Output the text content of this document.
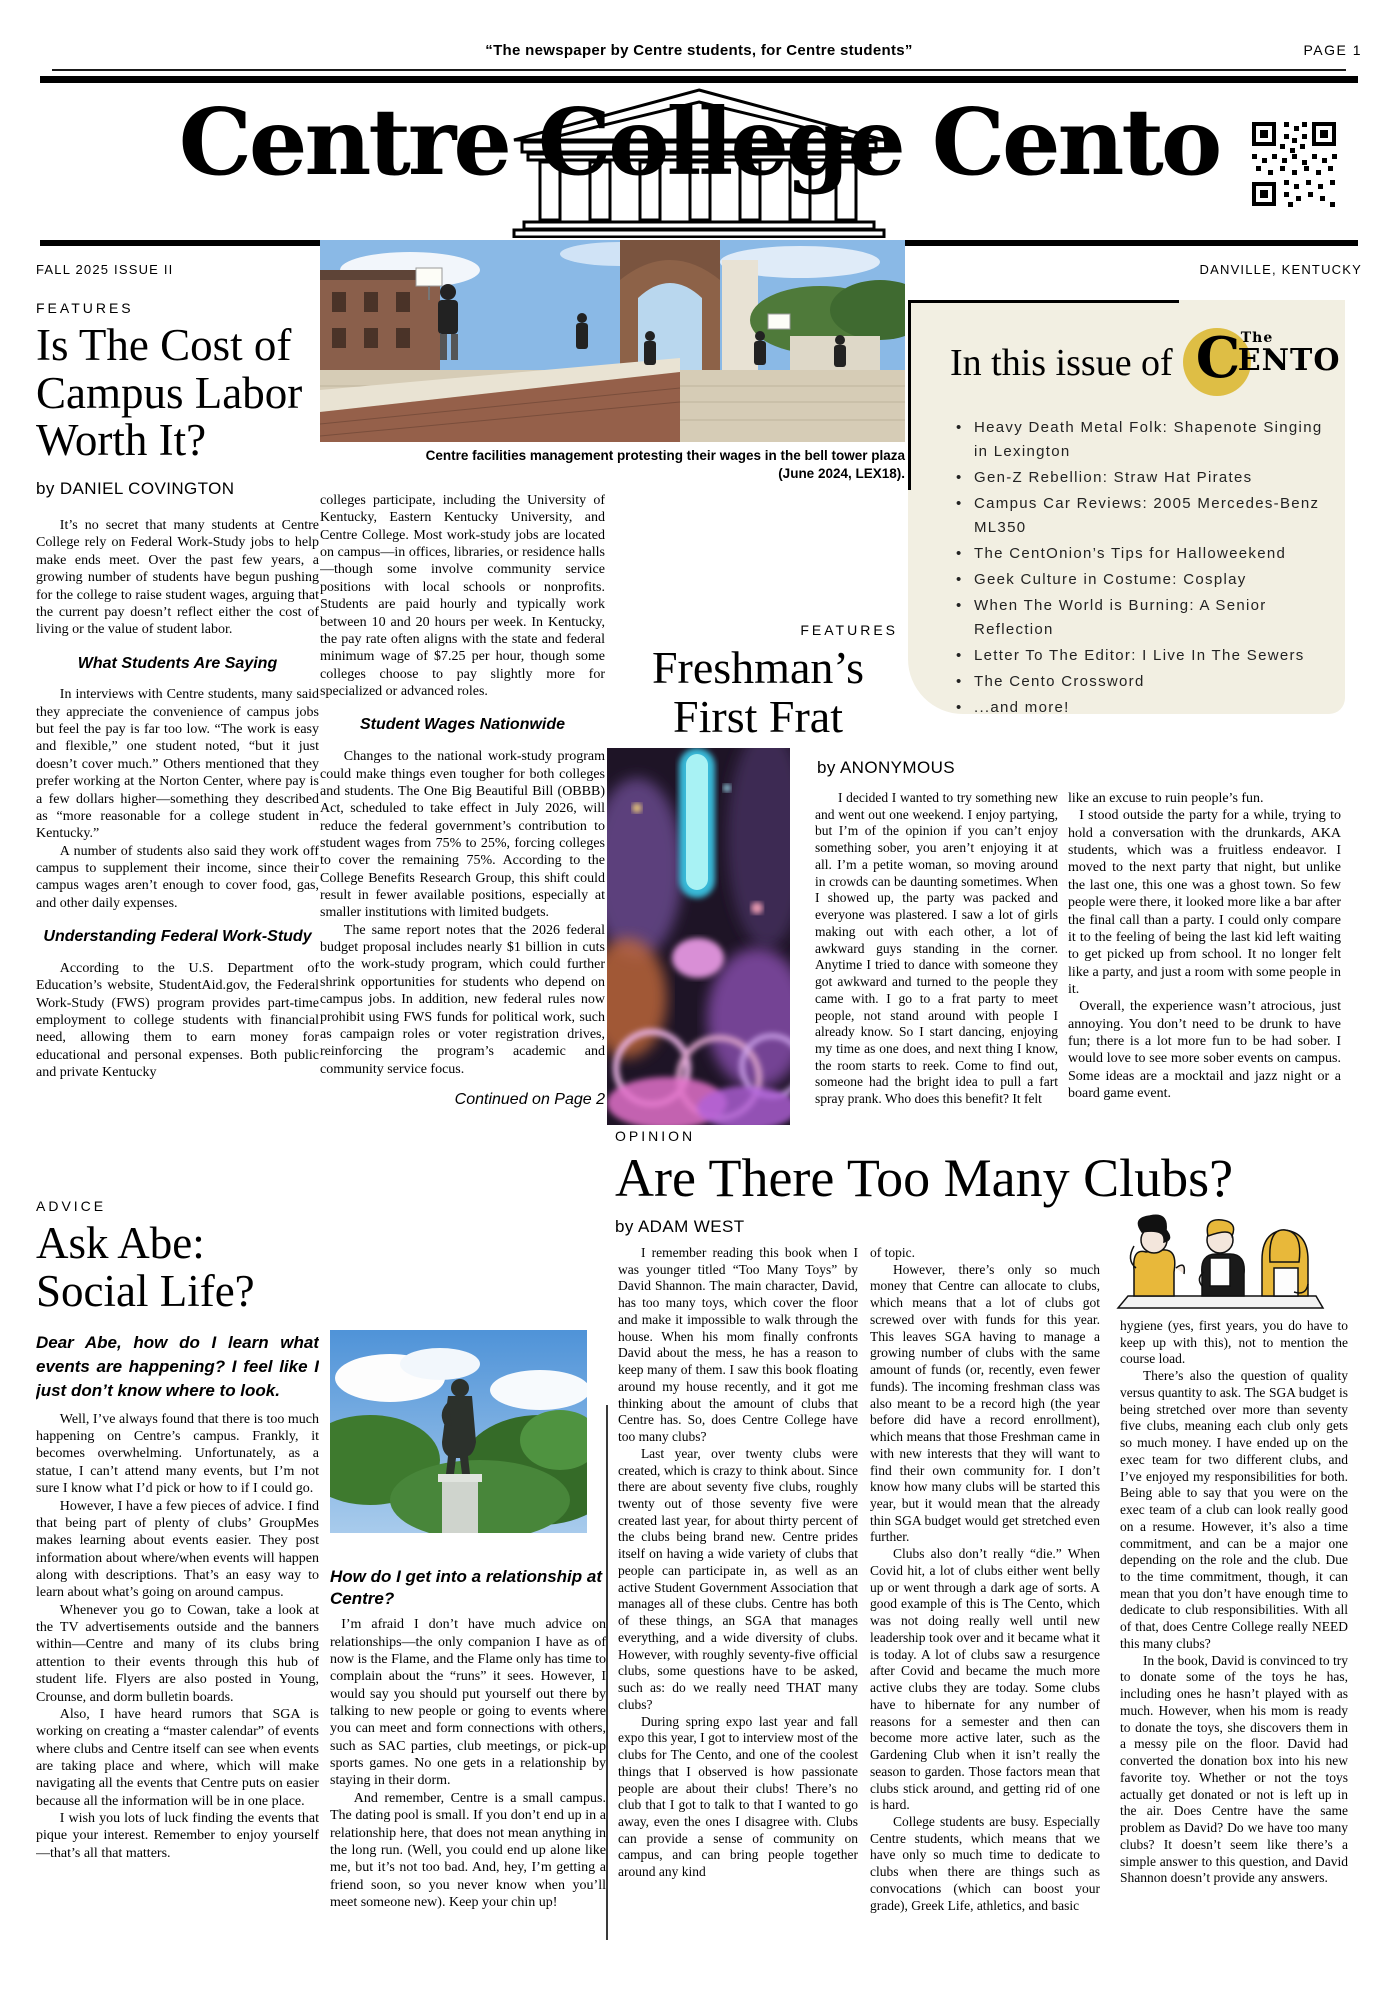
“The newspaper by Centre students, for Centre students”	PAGE 1
Centre College Cento
FALL 2025 ISSUE II	DANVILLE, KENTUCKY
FEATURES
Is The Cost of Campus Labor Worth It?
by DANIEL COVINGTON

It’s no secret that many students at Centre College rely on Federal Work-Study jobs to help make ends meet. Over the past few years, a growing number of students have begun pushing for the college to raise student wages, arguing that the current pay doesn’t reflect either the cost of living or the value of student labor.

What Students Are Saying

In interviews with Centre students, many said they appreciate the convenience of campus jobs but feel the pay is far too low. “The work is easy and flexible,” one student noted, “but it just doesn’t cover much.” Others mentioned that they prefer working at the Norton Center, where pay is a few dollars higher—something they described as “more reasonable for a college student in Kentucky.”

A number of students also said they work off campus to supplement their income, since their campus wages aren’t enough to cover food, gas, and other daily expenses.

Understanding Federal Work-Study

According to the U.S. Department of Education’s website, StudentAid.gov, the Federal Work-Study (FWS) program provides part-time employment to college students with financial need, allowing them to earn money for educational and personal expenses. Both public and private Kentucky

Centre facilities management protesting their wages in the bell tower plaza
(June 2024, LEX18).

colleges participate, including the University of Kentucky, Eastern Kentucky University, and Centre College. Most work-study jobs are located on campus—in offices, libraries, or residence halls—though some involve community service positions with local schools or nonprofits. Students are paid hourly and typically work between 10 and 20 hours per week. In Kentucky, the pay rate often aligns with the state and federal minimum wage of $7.25 per hour, though some colleges choose to pay slightly more for specialized or advanced roles.

Student Wages Nationwide

Changes to the national work-study program could make things even tougher for both colleges and students. The One Big Beautiful Bill (OBBB) Act, scheduled to take effect in July 2026, will reduce the federal government’s contribution to student wages from 75% to 25%, forcing colleges to cover the remaining 75%. According to the College Benefits Research Group, this shift could result in fewer available positions, especially at smaller institutions with limited budgets.

The same report notes that the 2026 federal budget proposal includes nearly $1 billion in cuts to the work-study program, which could further shrink opportunities for students who depend on campus jobs. In addition, new federal rules now prohibit using FWS funds for political work, such as campaign roles or voter registration drives, reinforcing the program’s academic and community service focus.

Continued on Page 2
In this issue of C The
ENTO
• Heavy Death Metal Folk: Shapenote Singing in Lexington
• Gen-Z Rebellion: Straw Hat Pirates
• Campus Car Reviews: 2005 Mercedes-Benz ML350
• The CentOnion’s Tips for Halloweekend
• Geek Culture in Costume: Cosplay
• When The World is Burning: A Senior Reflection
• Letter To The Editor: I Live In The Sewers
• The Cento Crossword
• ...and more!
FEATURES
Freshman’s
First Frat
by ANONYMOUS

I decided I wanted to try something new and went out one weekend. I enjoy partying, but I’m of the opinion if you can’t enjoy something sober, you aren’t enjoying it at all. I’m a petite woman, so moving around in crowds can be daunting sometimes. When I showed up, the party was packed and everyone was plastered. I saw a lot of girls making out with each other, a lot of awkward guys standing in the corner. Anytime I tried to dance with someone they got awkward and turned to the people they came with. I go to a frat party to meet people, not stand around with people I already know. So I start dancing, enjoying my time as one does, and next thing I know, the room starts to reek. Come to find out, someone had the bright idea to pull a fart spray prank. Who does this benefit? It felt

like an excuse to ruin people’s fun.

I stood outside the party for a while, trying to hold a conversation with the drunkards, AKA students, which was a fruitless endeavor. I moved to the next party that night, but unlike the last one, this one was a ghost town. So few people were there, it looked more like a bar after the final call than a party. I could only compare it to the feeling of being the last kid left waiting to get picked up from school. It no longer felt like a party, and just a room with some people in it.

Overall, the experience wasn’t atrocious, just annoying. You don’t need to be drunk to have fun; there is a lot more fun to be had sober. I would love to see more sober events on campus. Some ideas are a mocktail and jazz night or a board game event.

OPINION
Are There Too Many Clubs?
by ADAM WEST

I remember reading this book when I was younger titled “Too Many Toys” by David Shannon. The main character, David, has too many toys, which cover the floor and make it impossible to walk through the house. When his mom finally confronts David about the mess, he has a reason to keep many of them. I saw this book floating around my house recently, and it got me thinking about the amount of clubs that Centre has. So, does Centre College have too many clubs?

Last year, over twenty clubs were created, which is crazy to think about. Since there are about seventy five clubs, roughly twenty out of those seventy five were created last year, for about thirty percent of the clubs being brand new. Centre prides itself on having a wide variety of clubs that people can participate in, as well as an active Student Government Association that manages all of these clubs. Centre has both of these things, an SGA that manages everything, and a wide diversity of clubs. However, with roughly seventy-five official clubs, some questions have to be asked, such as: do we really need THAT many clubs?

During spring expo last year and fall expo this year, I got to interview most of the clubs for The Cento, and one of the coolest things that I observed is how passionate people are about their clubs! There’s no club that I got to talk to that I wanted to go away, even the ones I disagree with. Clubs can provide a sense of community on campus, and can bring people together around any kind

of topic.

However, there’s only so much money that Centre can allocate to clubs, which means that a lot of clubs got screwed over with funds for this year. This leaves SGA having to manage a growing number of clubs with the same amount of funds (or, recently, even fewer funds). The incoming freshman class was also meant to be a record high (the year before did have a record enrollment), which means that those Freshman came in with new interests that they will want to find their own community for. I don’t know how many clubs will be started this year, but it would mean that the already thin SGA budget would get stretched even further.

Clubs also don’t really “die.” When Covid hit, a lot of clubs either went belly up or went through a dark age of sorts. A good example of this is The Cento, which was not doing really well until new leadership took over and it became what it is today. A lot of clubs saw a resurgence after Covid and became the much more active clubs they are today. Some clubs have to hibernate for any number of reasons for a semester and then can become more active later, such as the Gardening Club when it isn’t really the season to garden. Those factors mean that clubs stick around, and getting rid of one is hard.

College students are busy. Especially Centre students, which means that we have only so much time to dedicate to clubs when there are things such as convocations (which can boost your grade), Greek Life, athletics, and basic

hygiene (yes, first years, you do have to keep up with this), not to mention the course load.

There’s also the question of quality versus quantity to ask. The SGA budget is being stretched over more than seventy five clubs, meaning each club only gets so much money. I have ended up on the exec team for two different clubs, and I’ve enjoyed my responsibilities for both. Being able to say that you were on the exec team of a club can look really good on a resume. However, it’s also a time commitment, and can be a major one depending on the role and the club. Due to the time commitment, though, it can mean that you don’t have enough time to dedicate to club responsibilities. With all of that, does Centre College really NEED this many clubs?

In the book, David is convinced to try to donate some of the toys he has, including ones he hasn’t played with as much. However, when his mom is ready to donate the toys, she discovers them in a messy pile on the floor. David had converted the donation box into his new favorite toy. Whether or not the toys actually get donated or not is left up in the air. Does Centre have the same problem as David? Do we have too many clubs? It doesn’t seem like there’s a simple answer to this question, and David Shannon doesn’t provide any answers.

ADVICE
Ask Abe:
Social Life?
Dear Abe, how do I learn what events are happening? I feel like I just don’t know where to look.

Well, I’ve always found that there is too much happening on Centre’s campus. Frankly, it becomes overwhelming. Unfortunately, as a statue, I can’t attend many events, but I’m not sure I know what I’d pick or how to if I could go.

However, I have a few pieces of advice. I find that being part of plenty of clubs’ GroupMes makes learning about events easier. They post information about where/when events will happen along with descriptions. That’s an easy way to learn about what’s going on around campus.

Whenever you go to Cowan, take a look at the TV advertisements outside and the banners within—Centre and many of its clubs bring attention to their events through this hub of student life. Flyers are also posted in Young, Crounse, and dorm bulletin boards.

Also, I have heard rumors that SGA is working on creating a “master calendar” of events where clubs and Centre itself can see when events are taking place and where, which will make navigating all the events that Centre puts on easier because all the information will be in one place.

I wish you lots of luck finding the events that pique your interest. Remember to enjoy yourself—that’s all that matters.

How do I get into a relationship at Centre?

I’m afraid I don’t have much advice on relationships—the only companion I have as of now is the Flame, and the Flame only has time to complain about the “runs” it sees. However, I would say you should put yourself out there by talking to new people or going to events where you can meet and form connections with others, such as SAC parties, club meetings, or pick-up sports games. No one gets in a relationship by staying in their dorm.

And remember, Centre is a small campus. The dating pool is small. If you don’t end up in a relationship here, that does not mean anything in the long run. (Well, you could end up alone like me, but it’s not too bad. And, hey, I’m getting a friend soon, so you never know when you’ll meet someone new). Keep your chin up!
